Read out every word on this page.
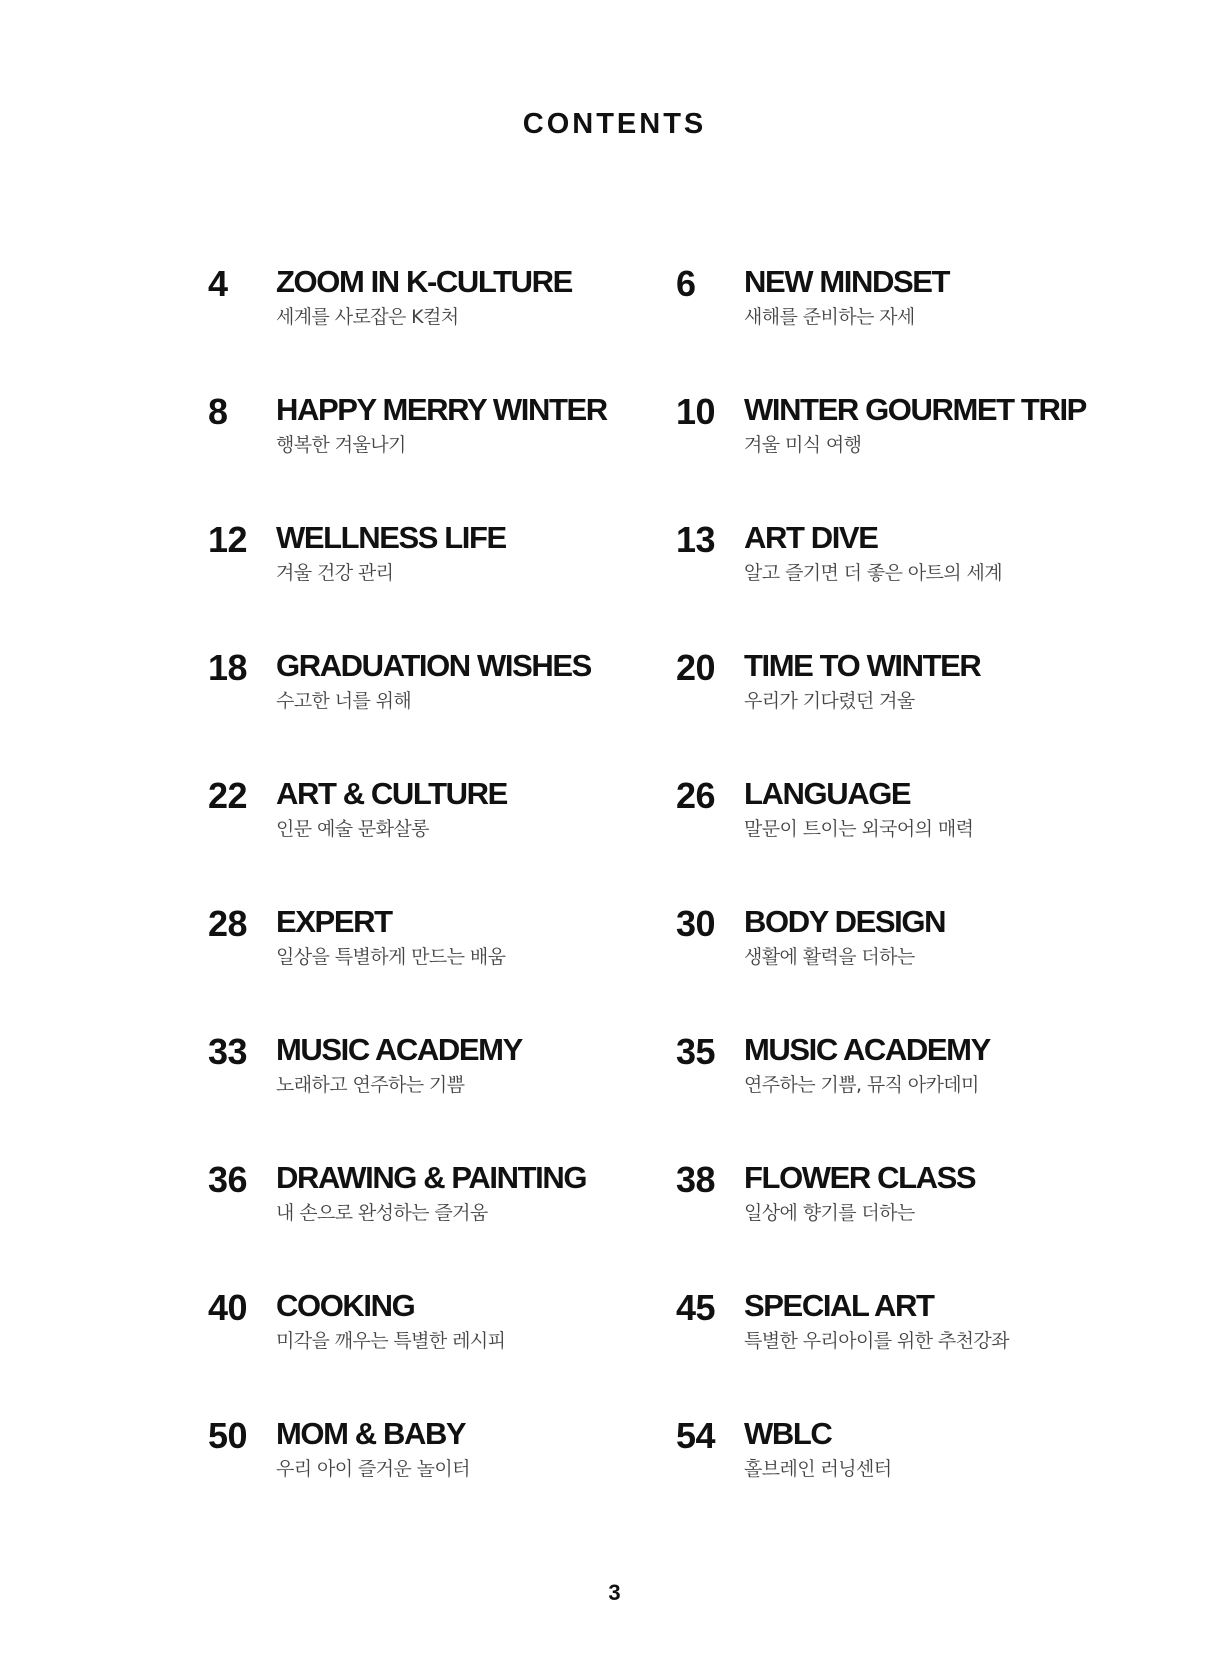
CONTENTS
4	ZOOM IN K-CULTURE
세계를 사로잡은 K컬처
6	NEW MINDSET
새해를 준비하는 자세
8	HAPPY MERRY WINTER
행복한 겨울나기
10 WINTER GOURMET TRIP
겨울 미식 여행
12 WELLNESS LIFE
겨울 건강 관리
13 ART DIVE
알고 즐기면 더 좋은 아트의 세계
18 GRADUATION WISHES
수고한 너를 위해
20 TIME TO WINTER
우리가 기다렸던 겨울
22 ART & CULTURE
인문 예술 문화살롱
26 LANGUAGE
말문이 트이는 외국어의 매력
28 EXPERT
일상을 특별하게 만드는 배움
30 BODY DESIGN
생활에 활력을 더하는
33 MUSIC ACADEMY
노래하고 연주하는 기쁨
35 MUSIC ACADEMY
연주하는 기쁨, 뮤직 아카데미
36 DRAWING & PAINTING
내 손으로 완성하는 즐거움
38 FLOWER CLASS
일상에 향기를 더하는
40 COOKING
미각을 깨우는 특별한 레시피
45 SPECIAL ART
특별한 우리아이를 위한 추천강좌
50 MOM & BABY
우리 아이 즐거운 놀이터
54 WBLC
홀브레인 러닝센터
3
